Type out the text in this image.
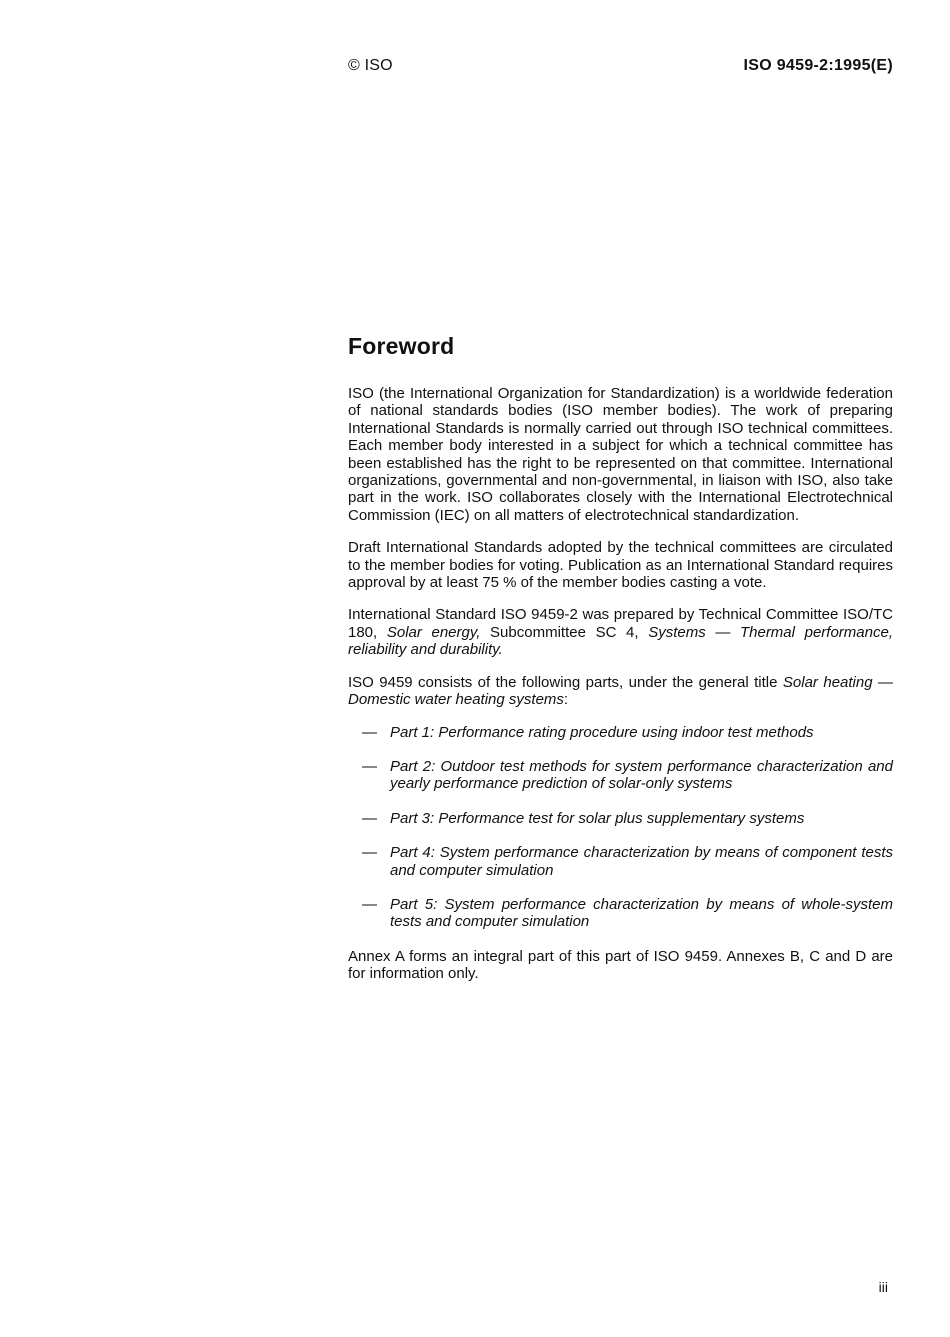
© ISO	ISO 9459-2:1995(E)
Foreword

ISO (the International Organization for Standardization) is a worldwide federation of national standards bodies (ISO member bodies). The work of preparing International Standards is normally carried out through ISO technical committees. Each member body interested in a subject for which a technical committee has been established has the right to be represented on that committee. International organizations, governmental and non-governmental, in liaison with ISO, also take part in the work. ISO collaborates closely with the International Electrotechnical Commission (IEC) on all matters of electrotechnical standardization.

Draft International Standards adopted by the technical committees are circulated to the member bodies for voting. Publication as an International Standard requires approval by at least 75 % of the member bodies casting a vote.

International Standard ISO 9459-2 was prepared by Technical Committee ISO/TC 180, Solar energy, Subcommittee SC 4, Systems — Thermal performance, reliability and durability.

ISO 9459 consists of the following parts, under the general title Solar heating — Domestic water heating systems:

— Part 1: Performance rating procedure using indoor test methods
— Part 2: Outdoor test methods for system performance characterization and yearly performance prediction of solar-only systems
— Part 3: Performance test for solar plus supplementary systems
— Part 4: System performance characterization by means of component tests and computer simulation
— Part 5: System performance characterization by means of whole-system tests and computer simulation

Annex A forms an integral part of this part of ISO 9459. Annexes B, C and D are for information only.

iii
